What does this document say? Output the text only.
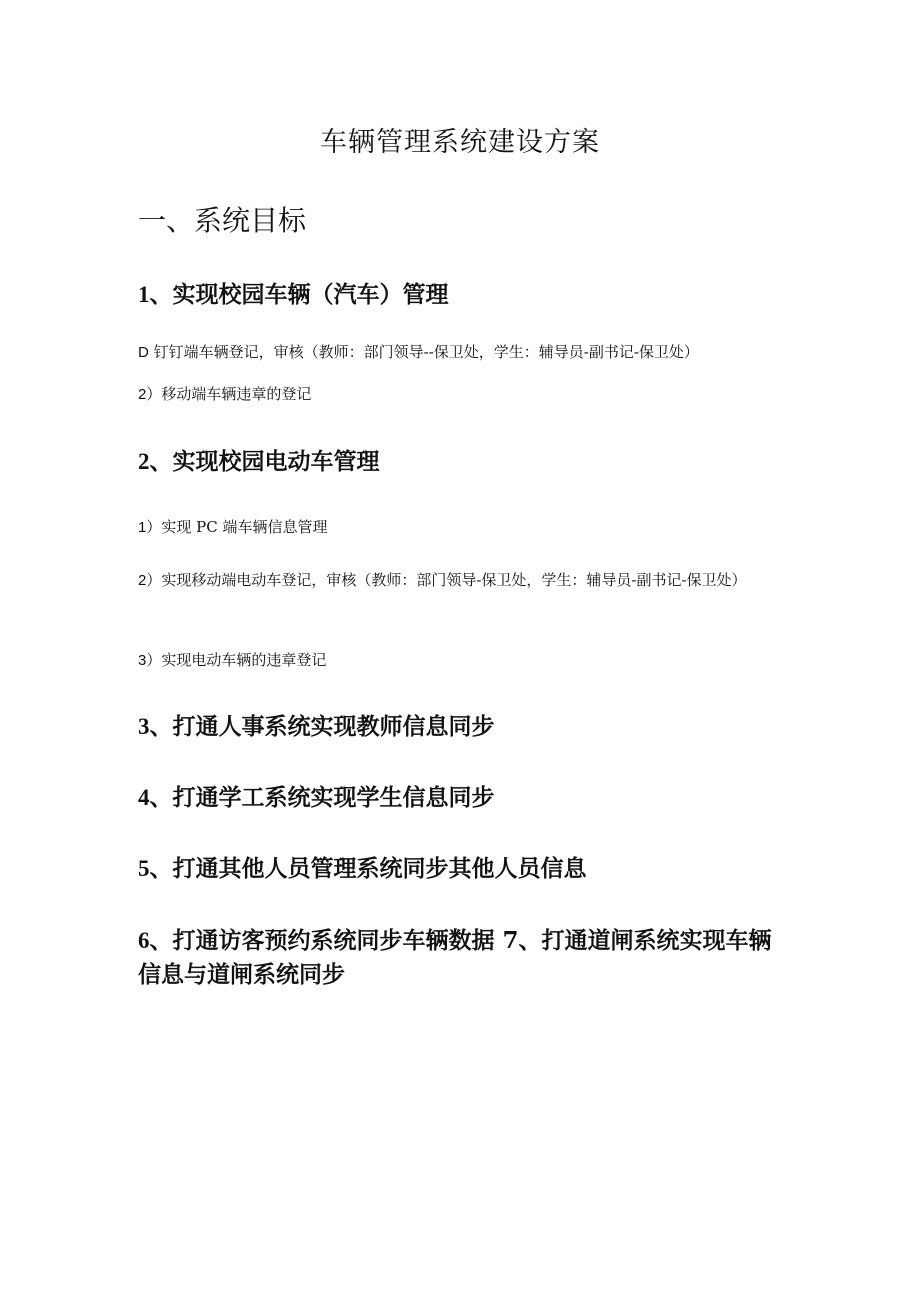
车辆管理系统建设方案
一、系统目标
1、实现校园车辆（汽车）管理

D 钉钉端车辆登记，审核（教师：部门领导--保卫处，学生：辅导员-副书记-保卫处）

2）移动端车辆违章的登记

2、实现校园电动车管理

1）实现 PC 端车辆信息管理

2）实现移动端电动车登记，审核（教师：部门领导-保卫处，学生：辅导员-副书记-保卫处）

3）实现电动车辆的违章登记

3、打通人事系统实现教师信息同步
4、打通学工系统实现学生信息同步
5、打通其他人员管理系统同步其他人员信息
6、打通访客预约系统同步车辆数据 7、打通道闸系统实现车辆信息与道闸系统同步
